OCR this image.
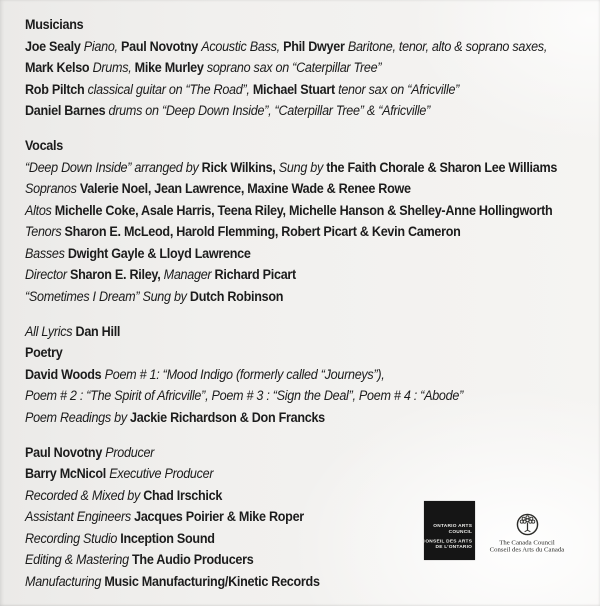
Musicians
Joe Sealy Piano, Paul Novotny Acoustic Bass, Phil Dwyer Baritone, tenor, alto & soprano saxes,
Mark Kelso Drums, Mike Murley soprano sax on “Caterpillar Tree”
Rob Piltch classical guitar on “The Road”, Michael Stuart tenor sax on “Africville”
Daniel Barnes drums on “Deep Down Inside”, “Caterpillar Tree” & “Africville”
Vocals
“Deep Down Inside” arranged by Rick Wilkins, Sung by the Faith Chorale & Sharon Lee Williams
Sopranos Valerie Noel, Jean Lawrence, Maxine Wade & Renee Rowe
Altos Michelle Coke, Asale Harris, Teena Riley, Michelle Hanson & Shelley-Anne Hollingworth
Tenors Sharon E. McLeod, Harold Flemming, Robert Picart & Kevin Cameron
Basses Dwight Gayle & Lloyd Lawrence
Director Sharon E. Riley, Manager Richard Picart
“Sometimes I Dream” Sung by Dutch Robinson
All Lyrics Dan Hill
Poetry
David Woods Poem # 1: “Mood Indigo (formerly called “Journeys”),
Poem # 2 : “The Spirit of Africville”, Poem # 3 : “Sign the Deal”, Poem # 4 : “Abode”
Poem Readings by Jackie Richardson & Don Francks
Paul Novotny Producer
Barry McNicol Executive Producer
Recorded & Mixed by Chad Irschick
Assistant Engineers Jacques Poirier & Mike Roper
Recording Studio Inception Sound
Editing & Mastering The Audio Producers
Manufacturing Music Manufacturing/Kinetic Records
ONTARIO ARTS
COUNCIL
CONSEIL DES ARTS
DE L’ONTARIO
The Canada Council
Conseil des Arts du Canada
